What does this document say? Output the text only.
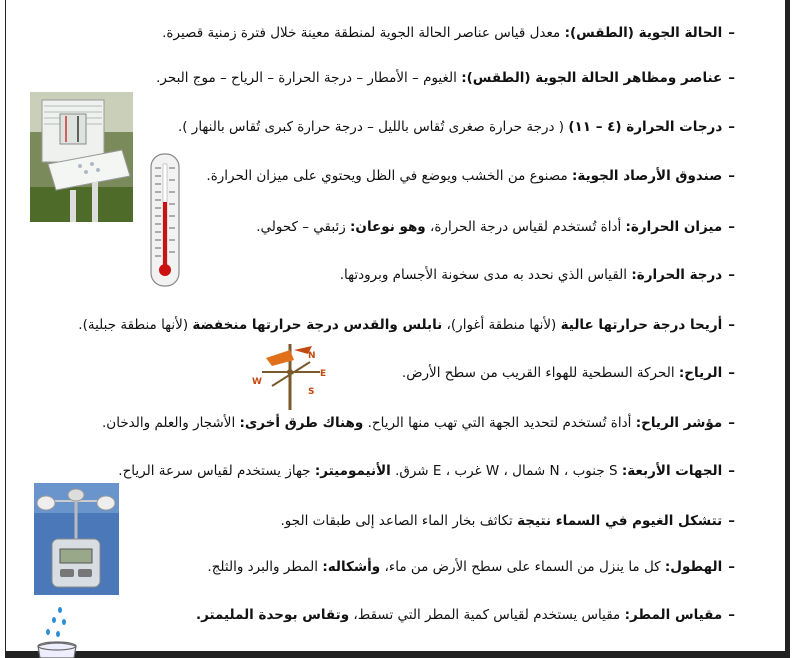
–الحالة الجوية (الطقس): معدل قياس عناصر الحالة الجوية لمنطقة معينة خلال فترة زمنية قصيرة.
–عناصر ومظاهر الحالة الجوية (الطقس): الغيوم – الأمطار – درجة الحرارة – الرياح – موج البحر.
–درجات الحرارة (٤ – ١١) ( درجة حرارة صغرى تُقاس بالليل – درجة حرارة كبرى تُقاس بالنهار ).
–صندوق الأرصاد الجوية: مصنوع من الخشب ويوضع في الظل ويحتوي على ميزان الحرارة.
–ميزان الحرارة: أداة تُستخدم لقياس درجة الحرارة، وهو نوعان: زئبقي – كحولي.
–درجة الحرارة: القياس الذي نحدد به مدى سخونة الأجسام وبرودتها.
–أريحا درجة حرارتها عالية (لأنها منطقة أغوار)، نابلس والقدس درجة حرارتها منخفضة (لأنها منطقة جبلية).
–الرياح: الحركة السطحية للهواء القريب من سطح الأرض.
–مؤشر الرياح: أداة تُستخدم لتحديد الجهة التي تهب منها الرياح. وهناك طرق أخرى: الأشجار والعلم والدخان.
–الجهات الأربعة: S جنوب ، N شمال ، W غرب ، E شرق. الأنيموميتر: جهاز يستخدم لقياس سرعة الرياح.
–تتشكل الغيوم في السماء نتيجة تكاثف بخار الماء الصاعد إلى طبقات الجو.
–الهطول: كل ما ينزل من السماء على سطح الأرض من ماء، وأشكاله: المطر والبرد والثلج.
–مقياس المطر: مقياس يستخدم لقياس كمية المطر التي تسقط، وتقاس بوحدة المليمتر.
N
E
S
W
